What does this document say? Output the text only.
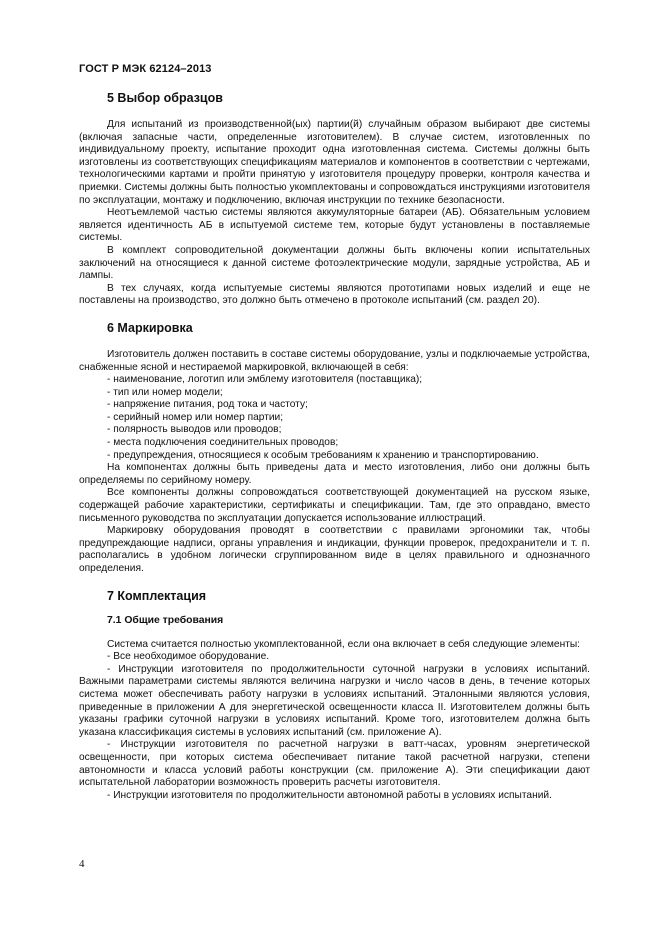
ГОСТ Р МЭК 62124–2013
5 Выбор образцов

Для испытаний из производственной(ых) партии(й) случайным образом выбирают две системы (включая запасные части, определенные изготовителем). В случае систем, изготовленных по индивидуальному проекту, испытание проходит одна изготовленная система. Системы должны быть изготовлены из соответствующих спецификациям материалов и компонентов в соответствии с чертежами, технологическими картами и пройти принятую у изготовителя процедуру проверки, контроля качества и приемки. Системы должны быть полностью укомплектованы и сопровождаться инструкциями изготовителя по эксплуатации, монтажу и подключению, включая инструкции по технике безопасности.

Неотъемлемой частью системы являются аккумуляторные батареи (АБ). Обязательным условием является идентичность АБ в испытуемой системе тем, которые будут установлены в поставляемые системы.

В комплект сопроводительной документации должны быть включены копии испытательных заключений на относящиеся к данной системе фотоэлектрические модули, зарядные устройства, АБ и лампы.

В тех случаях, когда испытуемые системы являются прототипами новых изделий и еще не поставлены на производство, это должно быть отмечено в протоколе испытаний (см. раздел 20).

6 Маркировка

Изготовитель должен поставить в составе системы оборудование, узлы и подключаемые устройства, снабженные ясной и нестираемой маркировкой, включающей в себя:

- наименование, логотип или эмблему изготовителя (поставщика);

- тип или номер модели;

- напряжение питания, род тока и частоту;

- серийный номер или номер партии;

- полярность выводов или проводов;

- места подключения соединительных проводов;

- предупреждения, относящиеся к особым требованиям к хранению и транспортированию.

На компонентах должны быть приведены дата и место изготовления, либо они должны быть определяемы по серийному номеру.

Все компоненты должны сопровождаться соответствующей документацией на русском языке, содержащей рабочие характеристики, сертификаты и спецификации. Там, где это оправдано, вместо письменного руководства по эксплуатации допускается использование иллюстраций.

Маркировку оборудования проводят в соответствии с правилами эргономики так, чтобы предупреждающие надписи, органы управления и индикации, функции проверок, предохранители и т. п. располагались в удобном логически сгруппированном виде в целях правильного и однозначного определения.

7 Комплектация
7.1 Общие требования

Система считается полностью укомплектованной, если она включает в себя следующие элементы:

- Все необходимое оборудование.

- Инструкции изготовителя по продолжительности суточной нагрузки в условиях испытаний. Важными параметрами системы являются величина нагрузки и число часов в день, в течение которых система может обеспечивать работу нагрузки в условиях испытаний. Эталонными являются условия, приведенные в приложении А для энергетической освещенности класса II. Изготовителем должны быть указаны графики суточной нагрузки в условиях испытаний. Кроме того, изготовителем должна быть указана классификация системы в условиях испытаний (см. приложение А).

- Инструкции изготовителя по расчетной нагрузки в ватт-часах, уровням энергетической освещенности, при которых система обеспечивает питание такой расчетной нагрузки, степени автономности и класса условий работы конструкции (см. приложение А). Эти спецификации дают испытательной лаборатории возможность проверить расчеты изготовителя.

- Инструкции изготовителя по продолжительности автономной работы в условиях испытаний.

4
